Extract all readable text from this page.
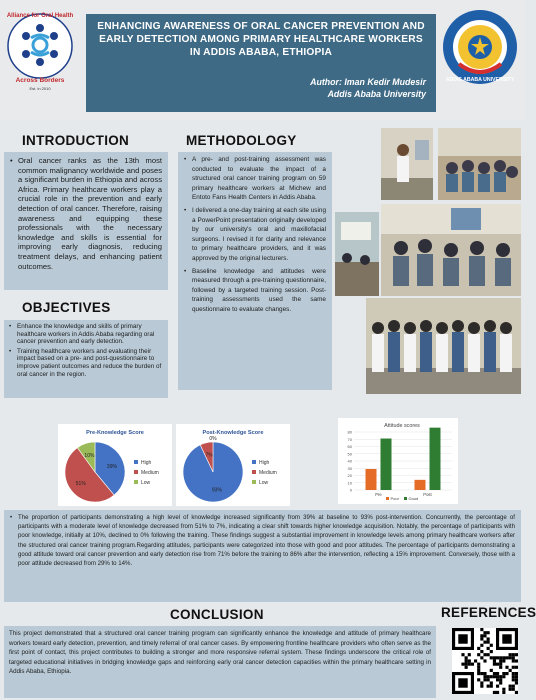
Alliance for Oral Health
Across Borders
Est. in 2010
ENHANCING AWARENESS OF ORAL CANCER PREVENTION AND EARLY DETECTION AMONG PRIMARY HEALTHCARE WORKERS IN ADDIS ABABA, ETHIOPIA
Author: Iman Kedir Mudesir
Addis Ababa University
ADDIS ABABA UNIVERSITY
INTRODUCTION
• Oral cancer ranks as the 13th most common malignancy worldwide and poses a significant burden in Ethiopia and across Africa. Primary healthcare workers play a crucial role in the prevention and early detection of oral cancer. Therefore, raising awareness and equipping these professionals with the necessary knowledge and skills is essential for improving early diagnosis, reducing treatment delays, and enhancing patient outcomes.
OBJECTIVES
• Enhance the knowledge and skills of primary healthcare workers in Addis Ababa regarding oral cancer prevention and early detection.
• Training healthcare workers and evaluating their impact based on a pre- and post-questionnaire to improve patient outcomes and reduce the burden of oral cancer in the region.
METHODOLOGY
• A pre- and post-training assessment was conducted to evaluate the impact of a structured oral cancer training program on 59 primary healthcare workers at Michew and Entoto Fans Health Centers in Addis Ababa.
• I delivered a one-day training at each site using a PowerPoint presentation originally developed by our university's oral and maxillofacial surgeons. I revised it for clarity and relevance to primary healthcare providers, and it was approved by the original lecturers.
• Baseline knowledge and attitudes were measured through a pre-training questionnaire, followed by a targeted training session. Post-training assessments used the same questionnaire to evaluate changes.
Pre-Knowledge Score
39%
51%
10%
High
Medium
Low
Post-Knowledge Score
93%
7%
0%
High
Medium
Low
Attitude scores
0
10
20
30
40
50
60
70
80
Pre	Post
Poor Good
• The proportion of participants demonstrating a high level of knowledge increased significantly from 39% at baseline to 93% post-intervention. Concurrently, the percentage of participants with a moderate level of knowledge decreased from 51% to 7%, indicating a clear shift towards higher knowledge acquisition. Notably, the percentage of participants with poor knowledge, initially at 10%, declined to 0% following the training. These findings suggest a substantial improvement in knowledge levels among primary healthcare workers after the structured oral cancer training program.Regarding attitudes, participants were categorized into those with good and poor attitudes. The percentage of participants demonstrating a good attitude toward oral cancer prevention and early detection rise from 71% before the training to 86% after the intervention, reflecting a 15% improvement. Conversely, those with a poor attitude decreased from 29% to 14%.
CONCLUSION
This project demonstrated that a structured oral cancer training program can significantly enhance the knowledge and attitude of primary healthcare workers toward early detection, prevention, and timely referral of oral cancer cases. By empowering frontline healthcare providers who often serve as the first point of contact, this project contributes to building a stronger and more responsive referral system. These findings underscore the critical role of targeted educational initiatives in bridging knowledge gaps and reinforcing early oral cancer detection capacities within the primary healthcare setting in Addis Ababa, Ethiopia.
REFERENCES
